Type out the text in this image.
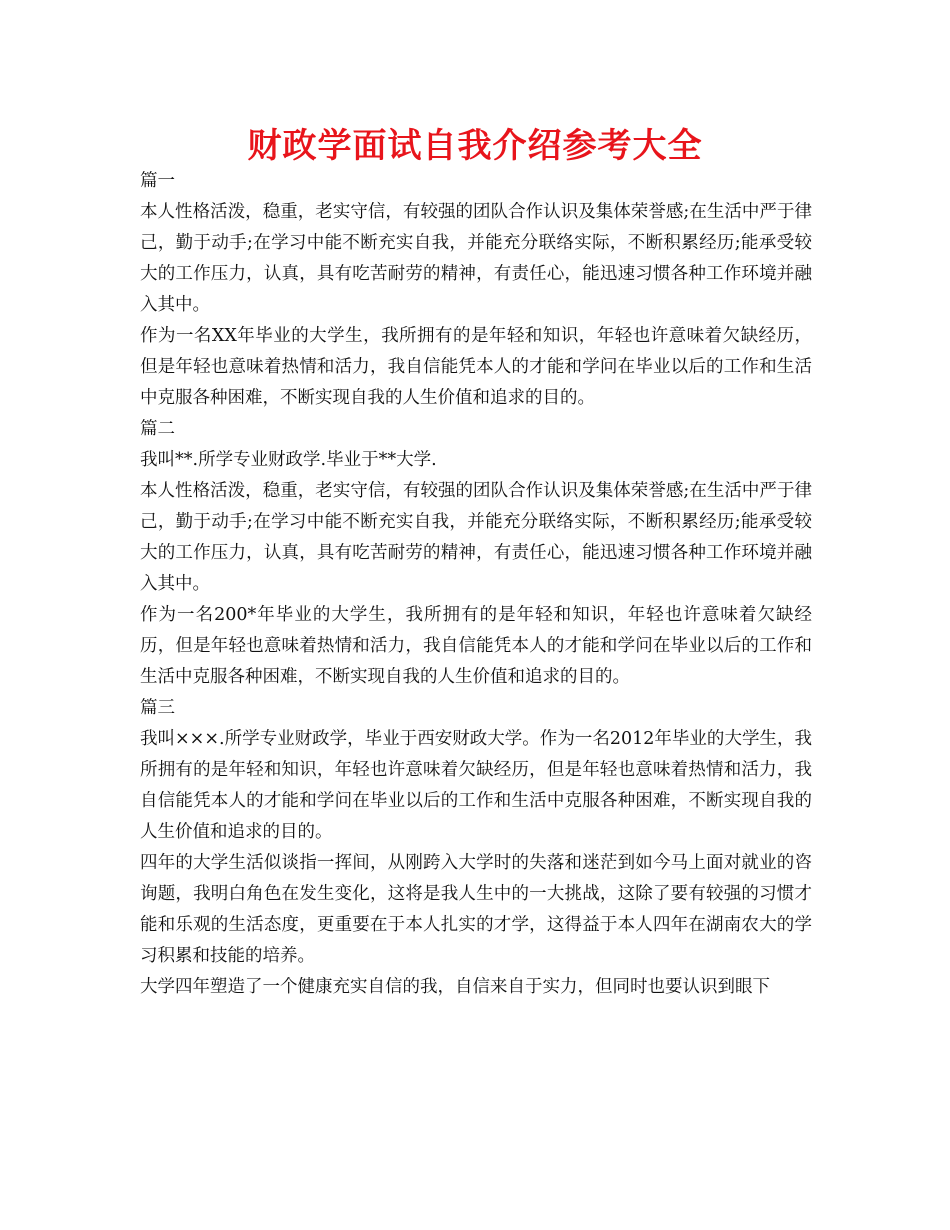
财政学面试自我介绍参考大全
篇一

本人性格活泼，稳重，老实守信，有较强的团队合作认识及集体荣誉感;在生活中严于律己，勤于动手;在学习中能不断充实自我，并能充分联络实际，不断积累经历;能承受较大的工作压力，认真，具有吃苦耐劳的精神，有责任心，能迅速习惯各种工作环境并融入其中。

作为一名XX年毕业的大学生，我所拥有的是年轻和知识，年轻也许意味着欠缺经历，但是年轻也意味着热情和活力，我自信能凭本人的才能和学问在毕业以后的工作和生活中克服各种困难，不断实现自我的人生价值和追求的目的。

篇二

我叫**.所学专业财政学.毕业于**大学.

本人性格活泼，稳重，老实守信，有较强的团队合作认识及集体荣誉感;在生活中严于律己，勤于动手;在学习中能不断充实自我，并能充分联络实际，不断积累经历;能承受较大的工作压力，认真，具有吃苦耐劳的精神，有责任心，能迅速习惯各种工作环境并融入其中。

作为一名200*年毕业的大学生，我所拥有的是年轻和知识，年轻也许意味着欠缺经历，但是年轻也意味着热情和活力，我自信能凭本人的才能和学问在毕业以后的工作和生活中克服各种困难，不断实现自我的人生价值和追求的目的。

篇三

我叫×××.所学专业财政学，毕业于西安财政大学。作为一名2012年毕业的大学生，我所拥有的是年轻和知识，年轻也许意味着欠缺经历，但是年轻也意味着热情和活力，我自信能凭本人的才能和学问在毕业以后的工作和生活中克服各种困难，不断实现自我的人生价值和追求的目的。

四年的大学生活似谈指一挥间，从刚跨入大学时的失落和迷茫到如今马上面对就业的咨询题，我明白角色在发生变化，这将是我人生中的一大挑战，这除了要有较强的习惯才能和乐观的生活态度，更重要在于本人扎实的才学，这得益于本人四年在湖南农大的学习积累和技能的培养。

大学四年塑造了一个健康充实自信的我，自信来自于实力，但同时也要认识到眼下
